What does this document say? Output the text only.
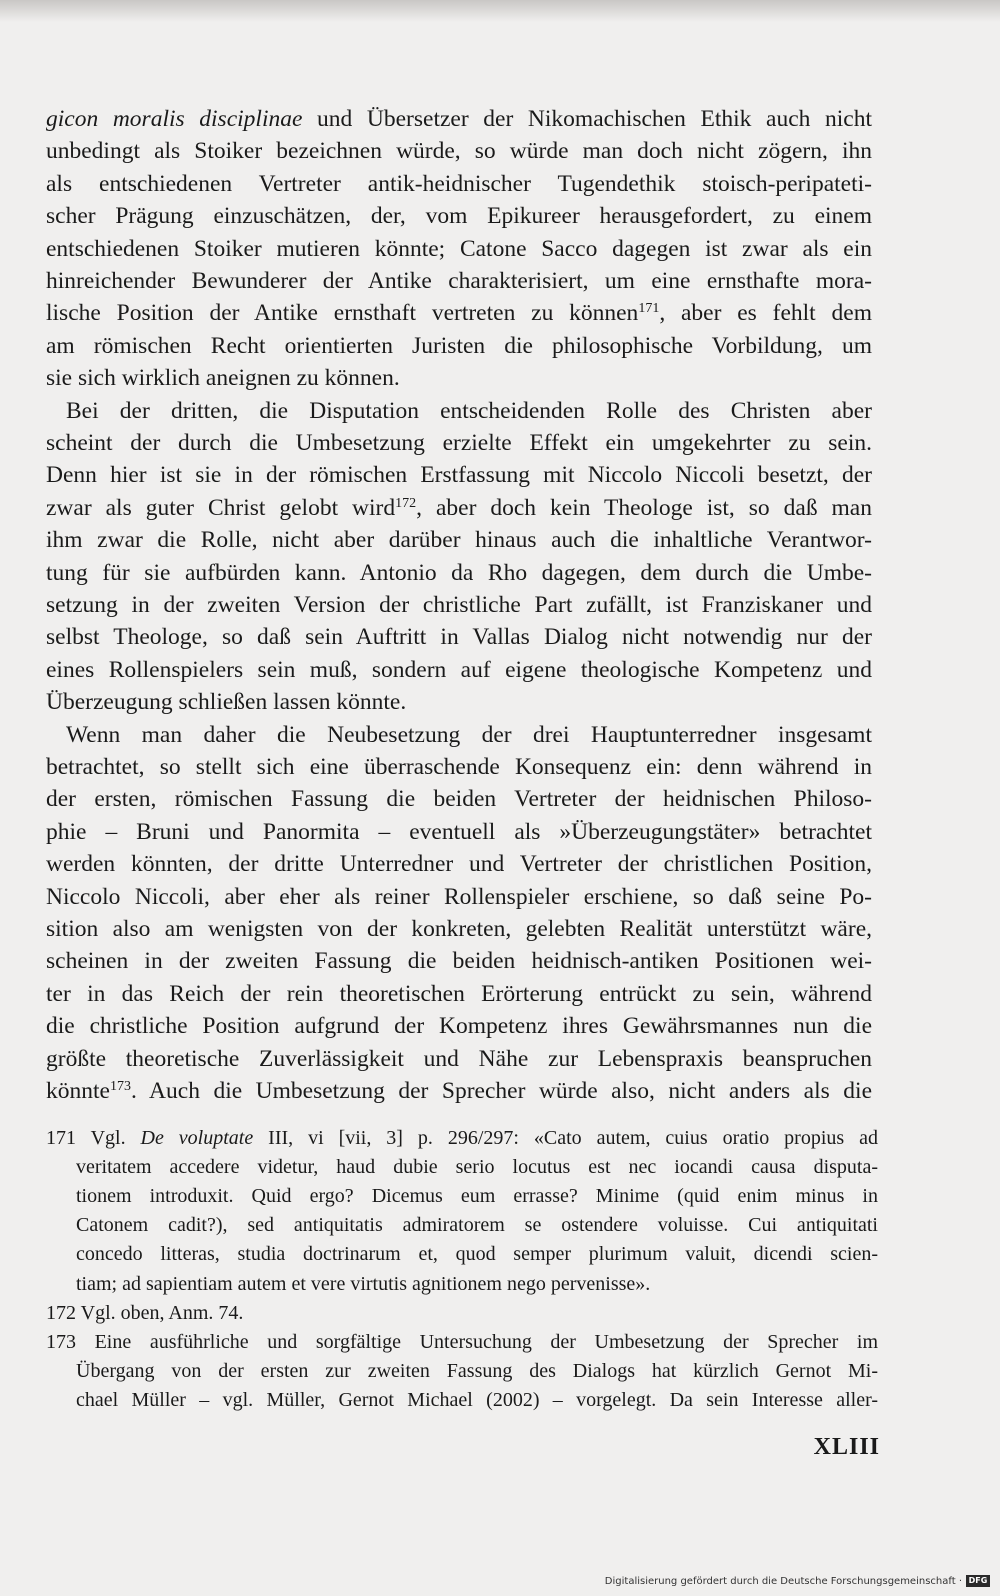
gicon moralis disciplinae und Übersetzer der Nikomachischen Ethik auch nicht
unbedingt als Stoiker bezeichnen würde, so würde man doch nicht zögern, ihn
als entschiedenen Vertreter antik-heidnischer Tugendethik stoisch-peripateti-
scher Prägung einzuschätzen, der, vom Epikureer herausgefordert, zu einem
entschiedenen Stoiker mutieren könnte; Catone Sacco dagegen ist zwar als ein
hinreichender Bewunderer der Antike charakterisiert, um eine ernsthafte mora-
lische Position der Antike ernsthaft vertreten zu können$^{171}$, aber es fehlt dem
am römischen Recht orientierten Juristen die philosophische Vorbildung, um
sie sich wirklich aneignen zu können.
Bei der dritten, die Disputation entscheidenden Rolle des Christen aber
scheint der durch die Umbesetzung erzielte Effekt ein umgekehrter zu sein.
Denn hier ist sie in der römischen Erstfassung mit Niccolo Niccoli besetzt, der
zwar als guter Christ gelobt wird$^{172}$, aber doch kein Theologe ist, so daß man
ihm zwar die Rolle, nicht aber darüber hinaus auch die inhaltliche Verantwor-
tung für sie aufbürden kann. Antonio da Rho dagegen, dem durch die Umbe-
setzung in der zweiten Version der christliche Part zufällt, ist Franziskaner und
selbst Theologe, so daß sein Auftritt in Vallas Dialog nicht notwendig nur der
eines Rollenspielers sein muß, sondern auf eigene theologische Kompetenz und
Überzeugung schließen lassen könnte.
Wenn man daher die Neubesetzung der drei Hauptunterredner insgesamt
betrachtet, so stellt sich eine überraschende Konsequenz ein: denn während in
der ersten, römischen Fassung die beiden Vertreter der heidnischen Philoso-
phie – Bruni und Panormita – eventuell als »Überzeugungstäter» betrachtet
werden könnten, der dritte Unterredner und Vertreter der christlichen Position,
Niccolo Niccoli, aber eher als reiner Rollenspieler erschiene, so daß seine Po-
sition also am wenigsten von der konkreten, gelebten Realität unterstützt wäre,
scheinen in der zweiten Fassung die beiden heidnisch-antiken Positionen wei-
ter in das Reich der rein theoretischen Erörterung entrückt zu sein, während
die christliche Position aufgrund der Kompetenz ihres Gewährsmannes nun die
größte theoretische Zuverlässigkeit und Nähe zur Lebenspraxis beanspruchen
könnte$^{173}$. Auch die Umbesetzung der Sprecher würde also, nicht anders als die
171 Vgl. De voluptate III, vi [vii, 3] p. 296/297: «Cato autem, cuius oratio propius ad
veritatem accedere videtur, haud dubie serio locutus est nec iocandi causa disputa-
tionem introduxit. Quid ergo? Dicemus eum errasse? Minime (quid enim minus in
Catonem cadit?), sed antiquitatis admiratorem se ostendere voluisse. Cui antiquitati
concedo litteras, studia doctrinarum et, quod semper plurimum valuit, dicendi scien-
tiam; ad sapientiam autem et vere virtutis agnitionem nego pervenisse».
172 Vgl. oben, Anm. 74.
173 Eine ausführliche und sorgfältige Untersuchung der Umbesetzung der Sprecher im
Übergang von der ersten zur zweiten Fassung des Dialogs hat kürzlich Gernot Mi-
chael Müller – vgl. Müller, Gernot Michael (2002) – vorgelegt. Da sein Interesse aller-
XLIII
Digitalisierung gefördert durch die Deutsche Forschungsgemeinschaft · DFG
